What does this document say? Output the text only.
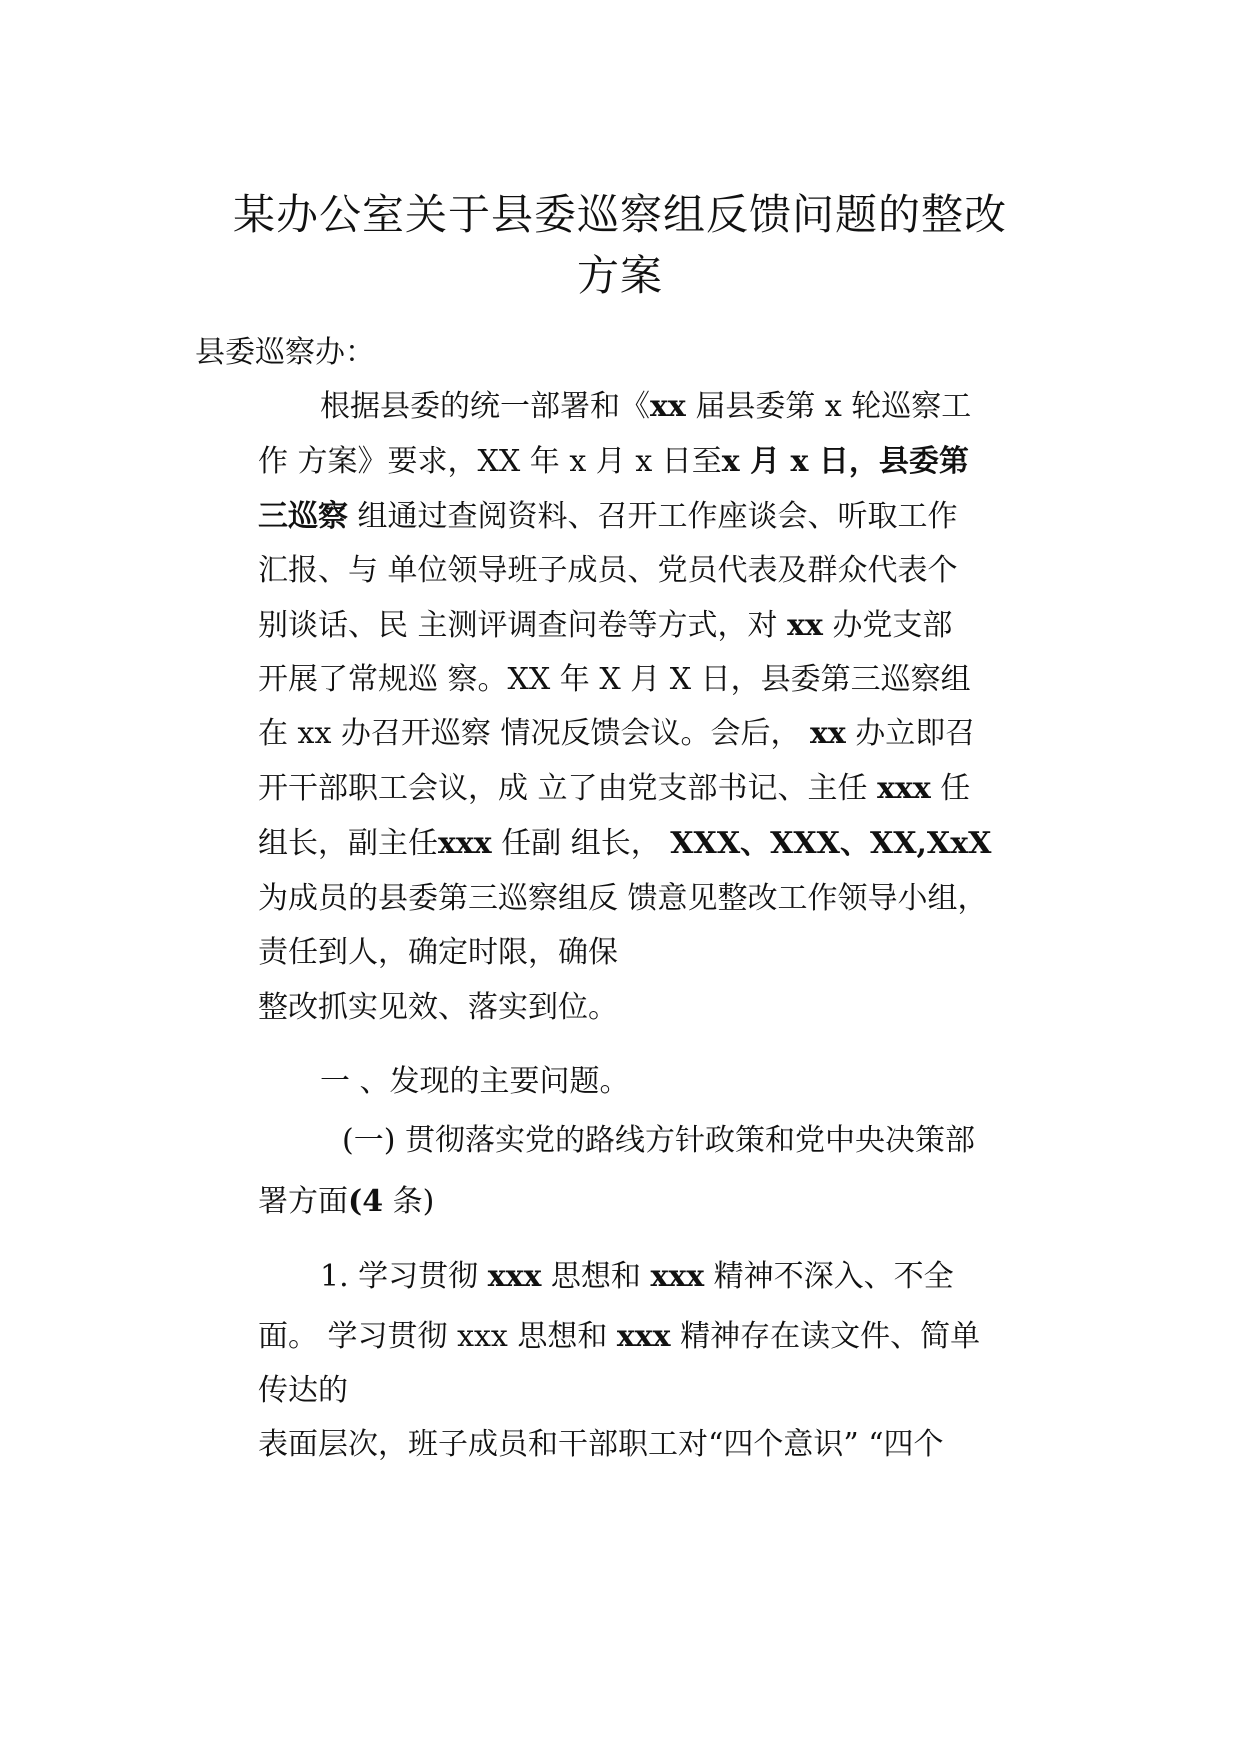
某办公室关于县委巡察组反馈问题的整改
方案
县委巡察办：
根据县委的统一部署和《xx 届县委第 x 轮巡察工
作 方案》要求，XX 年 x 月 x 日至x 月 x 日，县委第
三巡察 组通过查阅资料、召开工作座谈会、听取工作
汇报、与 单位领导班子成员、党员代表及群众代表个
别谈话、民 主测评调查问卷等方式，对 xx 办党支部
开展了常规巡 察。XX 年 X 月 X 日，县委第三巡察组
在 xx 办召开巡察 情况反馈会议。会后， xx 办立即召
开干部职工会议，成 立了由党支部书记、主任 xxx 任
组长，副主任xxx 任副 组长， XXX、XXX、XX,XxX
为成员的县委第三巡察组反 馈意见整改工作领导小组，
责任到人，确定时限，确保
整改抓实见效、落实到位。
一 、发现的主要问题。
(一) 贯彻落实党的路线方针政策和党中央决策部
署方面(4 条)
1. 学习贯彻 xxx 思想和 xxx 精神不深入、不全
面。 学习贯彻 xxx 思想和 xxx 精神存在读文件、简单
传达的
表面层次，班子成员和干部职工对“四个意识” “四个
